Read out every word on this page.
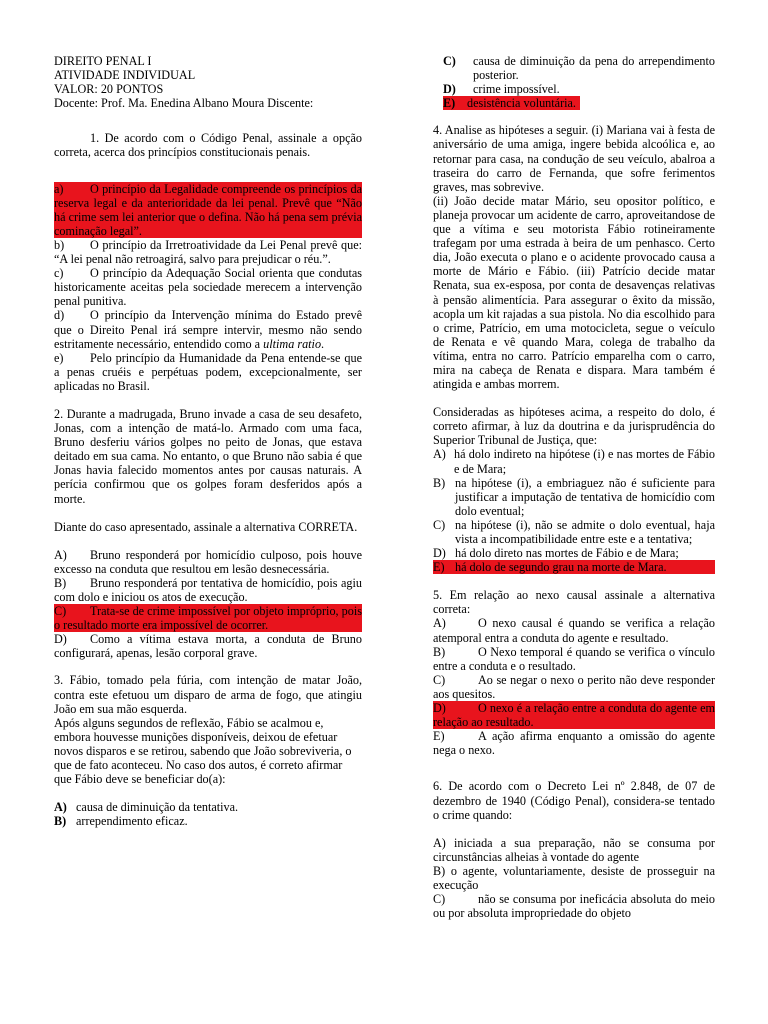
DIREITO PENAL I

ATIVIDADE INDIVIDUAL

VALOR: 20 PONTOS

Docente: Prof. Ma. Enedina Albano Moura Discente:

1. De acordo com o Código Penal, assinale a opção correta, acerca dos princípios constitucionais penais.

a) O princípio da Legalidade compreende os princípios da reserva legal e da anterioridade da lei penal. Prevê que “Não há crime sem lei anterior que o defina. Não há pena sem prévia cominação legal”.

b) O princípio da Irretroatividade da Lei Penal prevê que: “A lei penal não retroagirá, salvo para prejudicar o réu.”.

c) O princípio da Adequação Social orienta que condutas historicamente aceitas pela sociedade merecem a intervenção penal punitiva.

d) O princípio da Intervenção mínima do Estado prevê que o Direito Penal irá sempre intervir, mesmo não sendo estritamente necessário, entendido como a ultima ratio.

e) Pelo princípio da Humanidade da Pena entende-se que a penas cruéis e perpétuas podem, excepcionalmente, ser aplicadas no Brasil.

2. Durante a madrugada, Bruno invade a casa de seu desafeto, Jonas, com a intenção de matá-lo. Armado com uma faca, Bruno desferiu vários golpes no peito de Jonas, que estava deitado em sua cama. No entanto, o que Bruno não sabia é que Jonas havia falecido momentos antes por causas naturais. A perícia confirmou que os golpes foram desferidos após a morte.

Diante do caso apresentado, assinale a alternativa CORRETA.

A) Bruno responderá por homicídio culposo, pois houve excesso na conduta que resultou em lesão desnecessária.

B) Bruno responderá por tentativa de homicídio, pois agiu com dolo e iniciou os atos de execução.

C) Trata-se de crime impossível por objeto impróprio, pois o resultado morte era impossível de ocorrer.

D) Como a vítima estava morta, a conduta de Bruno configurará, apenas, lesão corporal grave.

3. Fábio, tomado pela fúria, com intenção de matar João, contra este efetuou um disparo de arma de fogo, que atingiu João em sua mão esquerda.

Após alguns segundos de reflexão, Fábio se acalmou e, embora houvesse munições disponíveis, deixou de efetuar novos disparos e se retirou, sabendo que João sobreviveria, o que de fato aconteceu. No caso dos autos, é correto afirmar que Fábio deve se beneficiar do(a):

A) causa de diminuição da tentativa.
B) arrependimento eficaz.
C)	causa de diminuição da pena do arrependimento posterior.
D)	crime impossível.
E) desistência voluntária.

4. Analise as hipóteses a seguir. (i) Mariana vai à festa de aniversário de uma amiga, ingere bebida alcoólica e, ao retornar para casa, na condução de seu veículo, abalroa a traseira do carro de Fernanda, que sofre ferimentos graves, mas sobrevive.

(ii) João decide matar Mário, seu opositor político, e planeja provocar um acidente de carro, aproveitandose de que a vítima e seu motorista Fábio rotineiramente trafegam por uma estrada à beira de um penhasco. Certo dia, João executa o plano e o acidente provocado causa a morte de Mário e Fábio. (iii) Patrício decide matar Renata, sua ex-esposa, por conta de desavenças relativas à pensão alimentícia. Para assegurar o êxito da missão, acopla um kit rajadas a sua pistola. No dia escolhido para o crime, Patrício, em uma motocicleta, segue o veículo de Renata e vê quando Mara, colega de trabalho da vítima, entra no carro. Patrício emparelha com o carro, mira na cabeça de Renata e dispara. Mara também é atingida e ambas morrem.

Consideradas as hipóteses acima, a respeito do dolo, é correto afirmar, à luz da doutrina e da jurisprudência do Superior Tribunal de Justiça, que:

A) há dolo indireto na hipótese (i) e nas mortes de Fábio e de Mara;
B) na hipótese (i), a embriaguez não é suficiente para justificar a imputação de tentativa de homicídio com dolo eventual;
C) na hipótese (i), não se admite o dolo eventual, haja vista a incompatibilidade entre este e a tentativa;
D) há dolo direto nas mortes de Fábio e de Mara;
E) há dolo de segundo grau na morte de Mara.

5. Em relação ao nexo causal assinale a alternativa correta:

A)	O nexo causal é quando se verifica a relação atemporal entra a conduta do agente e resultado.

B)	O Nexo temporal é quando se verifica o vínculo entre a conduta e o resultado.

C)	Ao se negar o nexo o perito não deve responder aos quesitos.

D)	O nexo é a relação entre a conduta do agente em relação ao resultado.

E)	A ação afirma enquanto a omissão do agente nega o nexo.

6. De acordo com o Decreto Lei nº 2.848, de 07 de dezembro de 1940 (Código Penal), considera-se tentado o crime quando:

A) iniciada a sua preparação, não se consuma por circunstâncias alheias à vontade do agente

B) o agente, voluntariamente, desiste de prosseguir na execução

C)	não se consuma por ineficácia absoluta do meio ou por absoluta impropriedade do objeto
